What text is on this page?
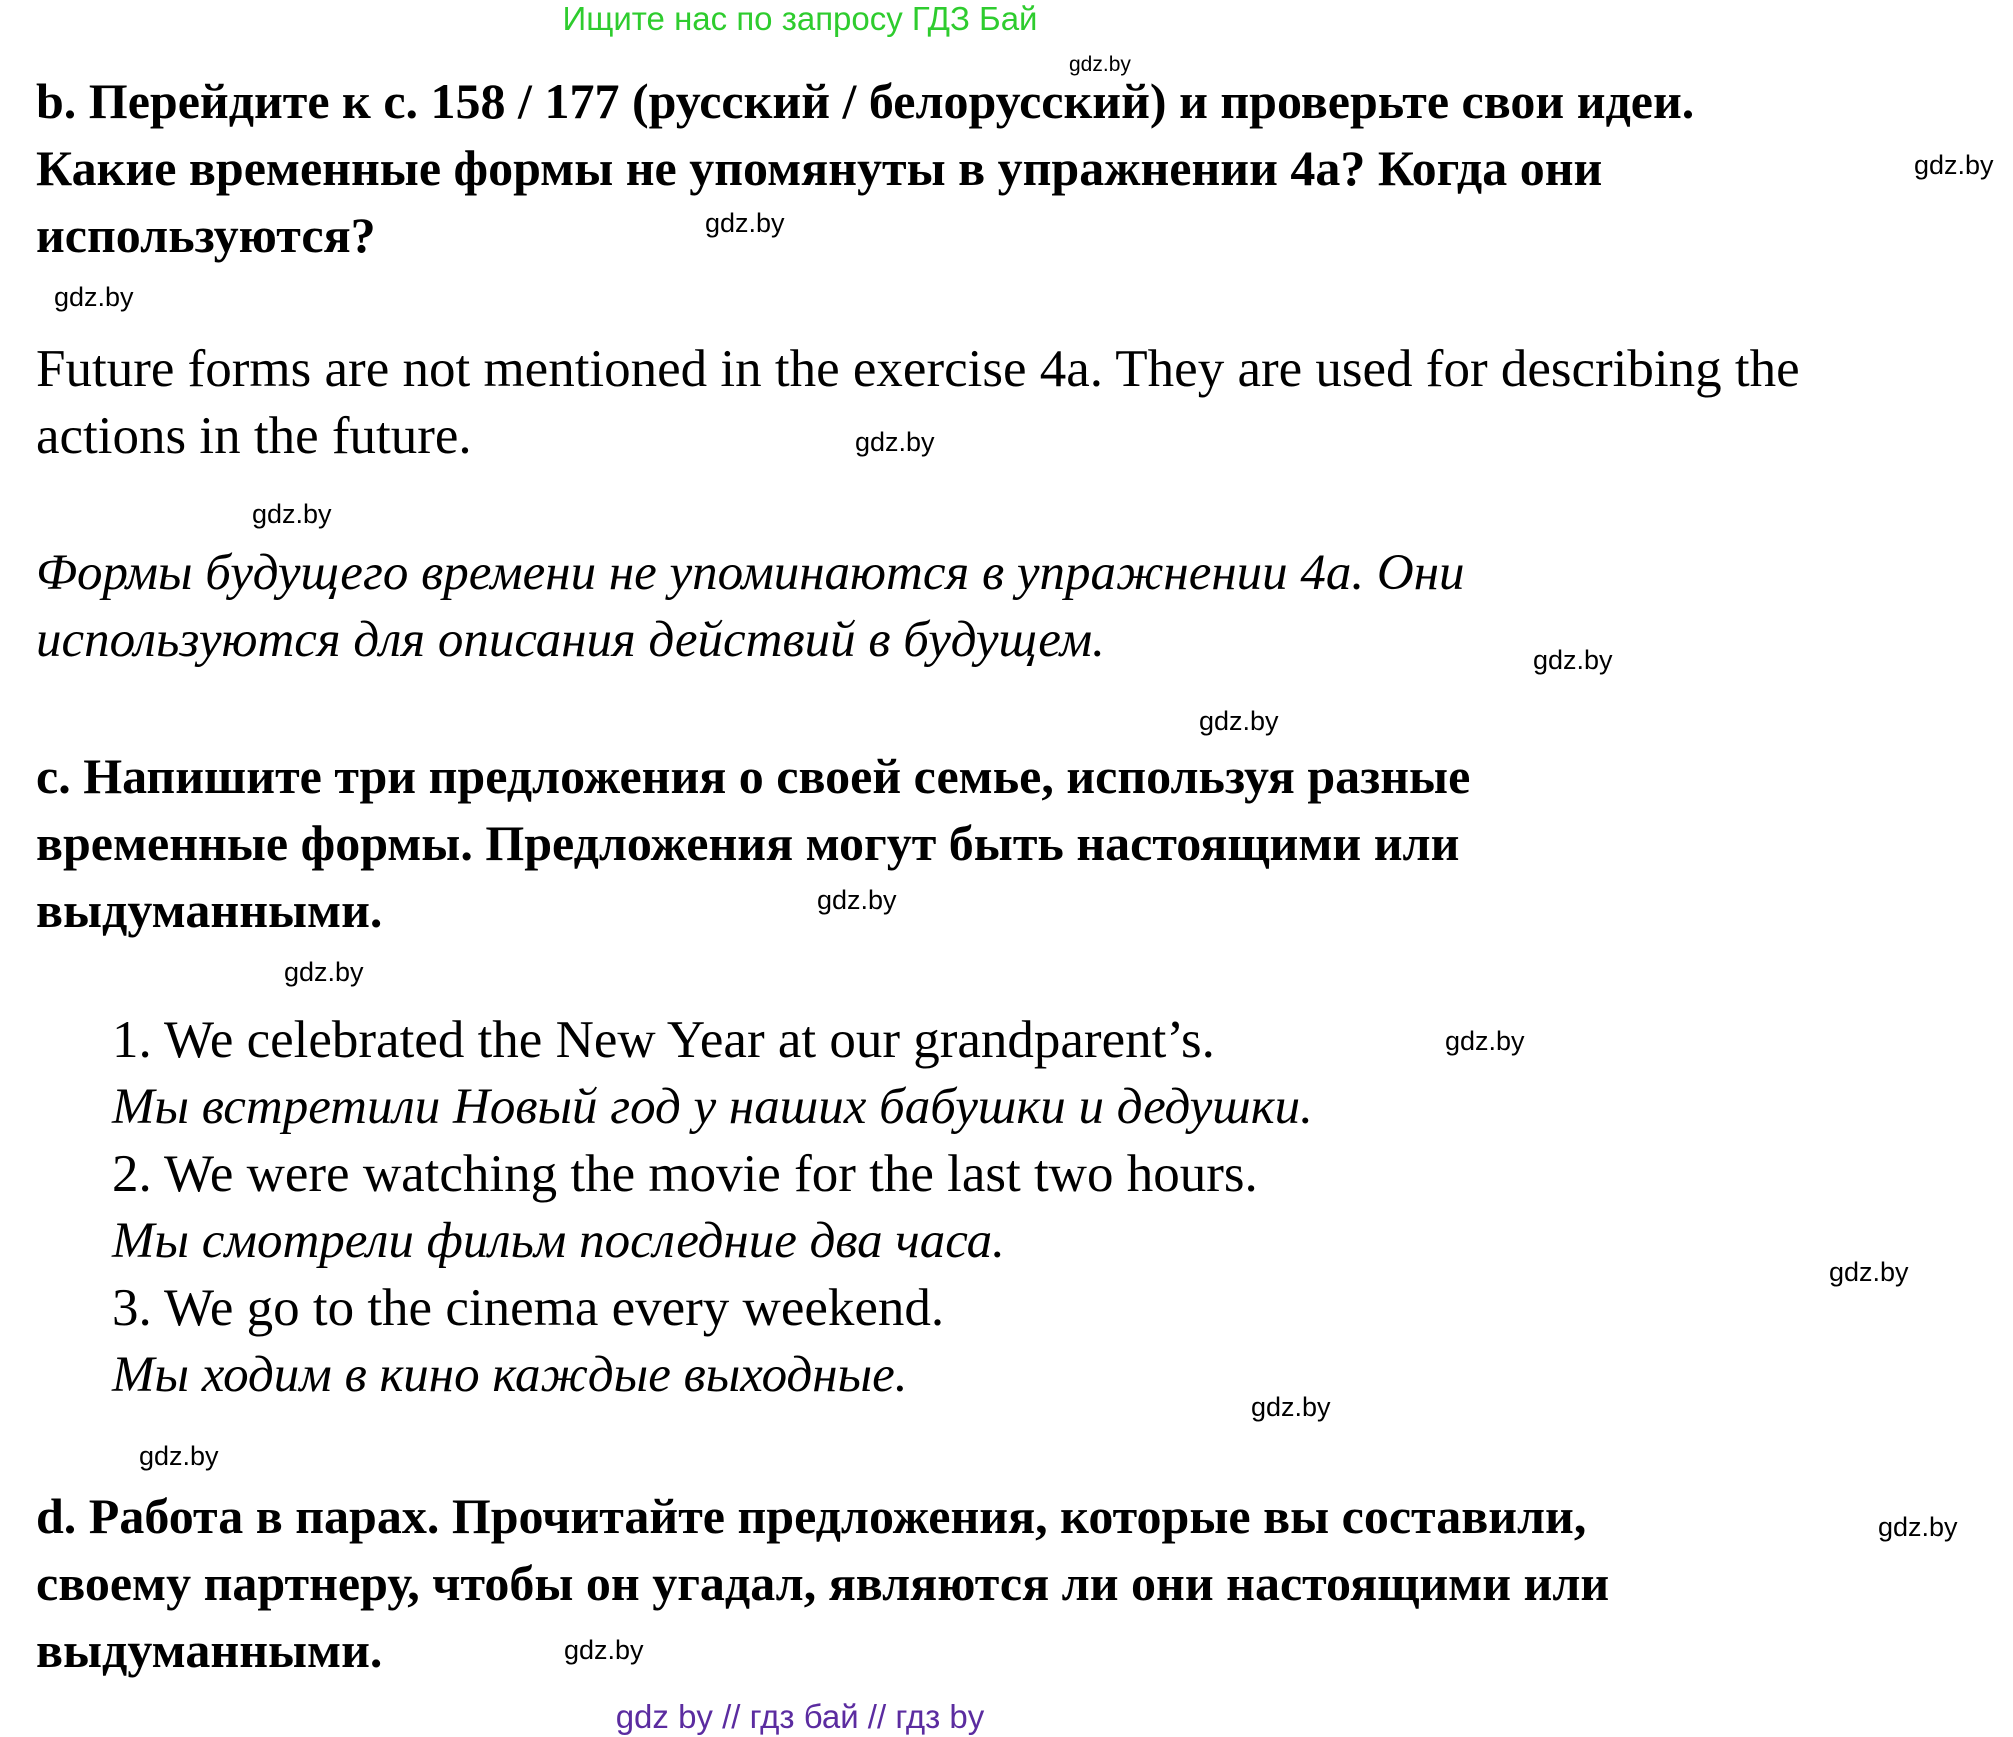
Ищите нас по запросу ГДЗ Бай
b. Перейдите к с. 158 / 177 (русский / белорусский) и проверьте свои идеи.
Какие временные формы не упомянуты в упражнении 4а? Когда они
используются?
Future forms are not mentioned in the exercise 4a. They are used for describing the
actions in the future.
Формы будущего времени не упоминаются в упражнении 4а. Они
используются для описания действий в будущем.
c. Напишите три предложения о своей семье, используя разные
временные формы. Предложения могут быть настоящими или
выдуманными.
1. We celebrated the New Year at our grandparent’s.
Мы встретили Новый год у наших бабушки и дедушки.
2. We were watching the movie for the last two hours.
Мы смотрели фильм последние два часа.
3. We go to the cinema every weekend.
Мы ходим в кино каждые выходные.
d. Работа в парах. Прочитайте предложения, которые вы составили,
своему партнеру, чтобы он угадал, являются ли они настоящими или
выдуманными.
gdz.by
gdz.by
gdz.by
gdz.by
gdz.by
gdz.by
gdz.by
gdz.by
gdz.by
gdz.by
gdz.by
gdz.by
gdz.by
gdz.by
gdz.by
gdz.by
gdz by // гдз бай // гдз by
